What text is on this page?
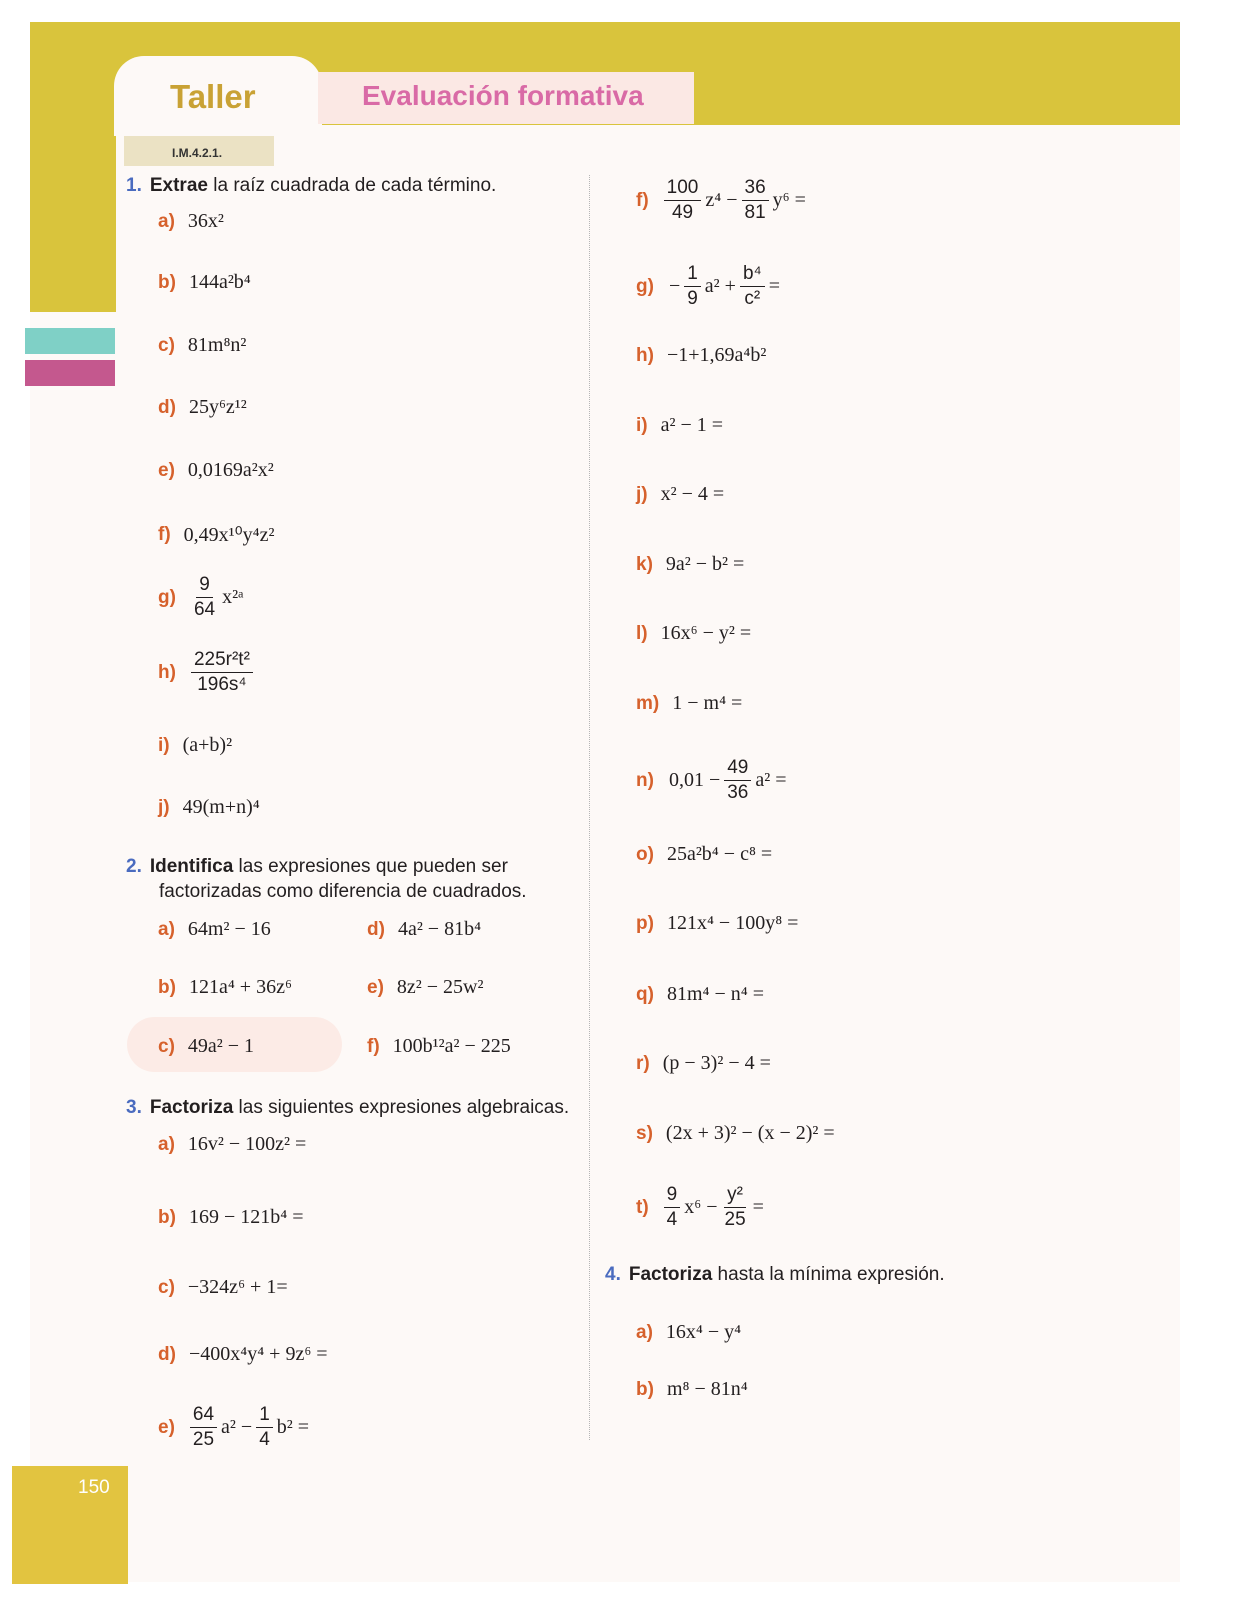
Taller	Evaluación formativa
I.M.4.2.1.
1. Extrae la raíz cuadrada de cada término.
a) 36x²
b) 144a²b⁴
c) 81m⁸n²
d) 25y⁶z¹²
e) 0,0169a²x²
f) 0,49x¹⁰y⁴z²
$g) \frac{9}{64}$ x²ᵃ
$h) \frac{\text{225r²t²}}{\text{196s⁴}}$
i) (a+b)²
j) 49(m+n)⁴
2. Identifica las expresiones que pueden ser
factorizadas como diferencia de cuadrados.
a) 64m² − 16
b) 121a⁴ + 36z⁶
c) 49a² − 1
d) 4a² − 81b⁴
e) 8z² − 25w²
f) 100b¹²a² − 225
3. Factoriza las siguientes expresiones algebraicas.
a) 16v² − 100z² =
b) 169 − 121b⁴ =
c) −324z⁶ + 1=
d) −400x⁴y⁴ + 9z⁶ =
$e) \frac{64}{25} a^2 - \frac{1}{4} b^2$ =
$f) \frac{100}{49} z^4 - \frac{36}{81} y^6$ =
$g) - \frac{1}{9} a^2 + \frac{\text{b⁴}}{\text{c²}}$ =
h) −1+1,69a⁴b²
i) a² − 1 =
j) x² − 4 =
k) 9a² − b² =
l) 16x⁶ − y² =
m) 1 − m⁴ =
n) $0,01 - \frac{49}{36} a^2$ =
o) 25a²b⁴ − c⁸ =
p) 121x⁴ − 100y⁸ =
q) 81m⁴ − n⁴ =
r) (p − 3)² − 4 =
s) (2x + 3)² − (x − 2)² =
$t) \frac{9}{4} x^6 - \frac{\text{y²}}{25}$ =
4. Factoriza hasta la mínima expresión.
a) 16x⁴ − y⁴
b) m⁸ − 81n⁴
150
